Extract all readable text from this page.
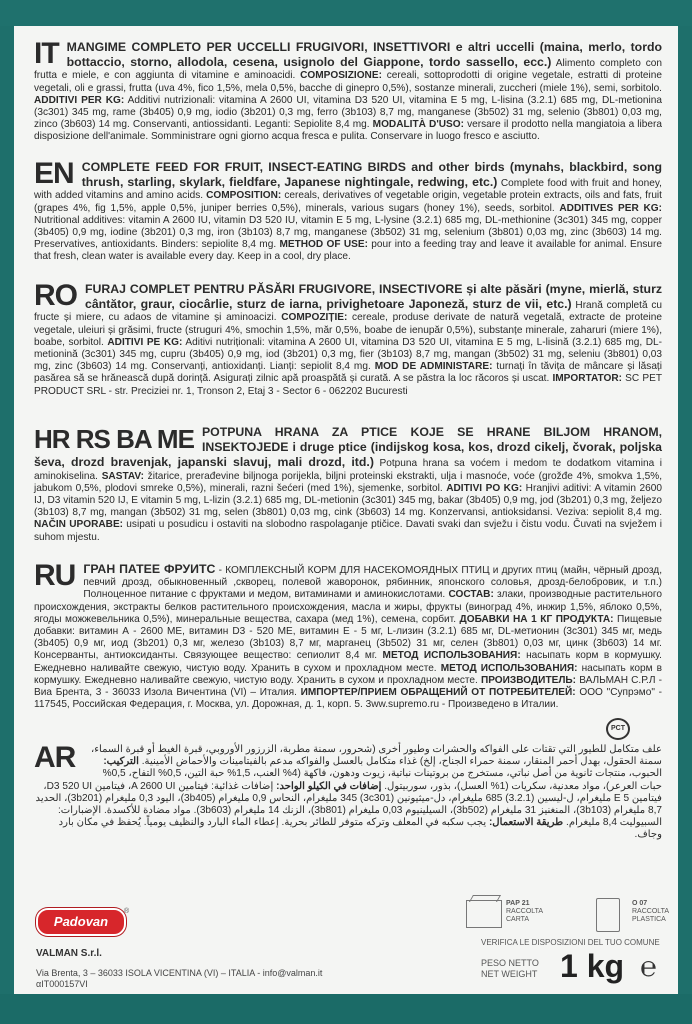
IT MANGIME COMPLETO PER UCCELLI FRUGIVORI, INSETTIVORI e altri uccelli (maina, merlo, tordo bottaccio, storno, allodola, cesena, usignolo del Giappone, tordo sassello, ecc.) Alimento completo con frutta e miele, e con aggiunta di vitamine e aminoacidi. COMPOSIZIONE: cereali, sottoprodotti di origine vegetale, estratti di proteine vegetali, oli e grassi, frutta (uva 4%, fico 1,5%, mela 0,5%, bacche di ginepro 0,5%), sostanze minerali, zuccheri (miele 1%), semi, sorbitolo. ADDITIVI PER KG: Additivi nutrizionali: vitamina A 2600 UI, vitamina D3 520 UI, vitamina E 5 mg, L-lisina (3.2.1) 685 mg, DL-metionina (3c301) 345 mg, rame (3b405) 0,9 mg, iodio (3b201) 0,3 mg, ferro (3b103) 8,7 mg, manganese (3b502) 31 mg, selenio (3b801) 0,03 mg, zinco (3b603) 14 mg. Conservanti, antiossidanti. Leganti: Sepiolite 8,4 mg. MODALITÀ D'USO: versare il prodotto nella mangiatoia a libera disposizione dell'animale. Somministrare ogni giorno acqua fresca e pulita. Conservare in luogo fresco e asciutto.
EN COMPLETE FEED FOR FRUIT, INSECT-EATING BIRDS and other birds (mynahs, blackbird, song thrush, starling, skylark, fieldfare, Japanese nightingale, redwing, etc.) Complete food with fruit and honey, with added vitamins and amino acids. COMPOSITION: cereals, derivatives of vegetable origin, vegetable protein extracts, oils and fats, fruit (grapes 4%, fig 1,5%, apple 0,5%, juniper berries 0,5%), minerals, various sugars (honey 1%), seeds, sorbitol. ADDITIVES PER KG: Nutritional additives: vitamin A 2600 IU, vitamin D3 520 IU, vitamin E 5 mg, L-lysine (3.2.1) 685 mg, DL-methionine (3c301) 345 mg, copper (3b405) 0,9 mg, iodine (3b201) 0,3 mg, iron (3b103) 8,7 mg, manganese (3b502) 31 mg, selenium (3b801) 0,03 mg, zinc (3b603) 14 mg. Preservatives, antioxidants. Binders: sepiolite 8,4 mg. METHOD OF USE: pour into a feeding tray and leave it available for animal. Ensure that fresh, clean water is available every day. Keep in a cool, dry place.
RO FURAJ COMPLET PENTRU PĂSĂRI FRUGIVORE, INSECTIVORE și alte păsări (myne, mierlă, sturz cântător, graur, ciocârlie, sturz de iarna, privighetoare Japoneză, sturz de vii, etc.) Hrană completă cu fructe și miere, cu adaos de vitamine și aminoacizi. COMPOZIȚIE: cereale, produse derivate de natură vegetală, extracte de proteine vegetale, uleiuri și grăsimi, fructe (struguri 4%, smochin 1,5%, măr 0,5%, boabe de ienupăr 0,5%), substanțe minerale, zaharuri (miere 1%), boabe, sorbitol. ADITIVI PE KG: Aditivi nutriționali: vitamina A 2600 UI, vitamina D3 520 UI, vitamina E 5 mg, L-lisină (3.2.1) 685 mg, DL-metionină (3c301) 345 mg, cupru (3b405) 0,9 mg, iod (3b201) 0,3 mg, fier (3b103) 8,7 mg, mangan (3b502) 31 mg, seleniu (3b801) 0,03 mg, zinc (3b603) 14 mg. Conservanți, antioxidanți. Lianți: sepiolit 8,4 mg. MOD DE ADMINISTARE: turnați în tăvița de mâncare și lăsați pasărea să se hrănească după dorință. Asigurați zilnic apă proaspătă și curată. A se păstra la loc răcoros și uscat. IMPORTATOR: SC PET PRODUCT SRL - str. Preciziei nr. 1, Tronson 2, Etaj 3 - Sector 6 - 062202 Bucuresti
HR RS BA ME POTPUNA HRANA ZA PTICE KOJE SE HRANE BILJOM HRANOM, INSEKTOJEDE i druge ptice (indijskog kosa, kos, drozd cikelj, čvorak, poljska ševa, drozd bravenjak, japanski slavuj, mali drozd, itd.) Potpuna hrana sa voćem i medom te dodatkom vitamina i aminokiselina. SASTAV: žitarice, prerađevine biljnoga porijekla, biljni proteinski ekstrakti, ulja i masnoće, voće (grožđe 4%, smokva 1,5%, jabukom 0,5%, plodovi smreke 0,5%), minerali, razni šećeri (med 1%), sjemenke, sorbitol. ADITIVI PO KG: Hranjivi aditivi: A vitamin 2600 IJ, D3 vitamin 520 IJ, E vitamin 5 mg, L-lizin (3.2.1) 685 mg, DL-metionin (3c301) 345 mg, bakar (3b405) 0,9 mg, jod (3b201) 0,3 mg, željezo (3b103) 8,7 mg, mangan (3b502) 31 mg, selen (3b801) 0,03 mg, cink (3b603) 14 mg. Konzervansi, antioksidansi. Veziva: sepiolit 8,4 mg. NAČIN UPORABE: usipati u posudicu i ostaviti na slobodno raspolaganje ptičice. Davati svaki dan svježu i čistu vodu. Čuvati na svježem i suhom mjestu.
RU ГРАН ПАТЕЕ ФРУИТС - КОМПЛЕКСНЫЙ КОРМ ДЛЯ НАСЕКОМОЯДНЫХ ПТИЦ и других птиц (майн, чёрный дрозд, певчий дрозд, обыкновенный ,скворец, полевой жаворонок, рябинник, японского соловья, дрозд-белобровик, и т.п.) Полноценное питание с фруктами и медом, витаминами и аминокислотами. СОСТАВ: злаки, производные растительного происхождения, экстракты белков растительного происхождения, масла и жиры, фрукты (виноград 4%, инжир 1,5%, яблоко 0,5%, ягоды можжевельника 0,5%), минеральные вещества, сахара (мед 1%), семена, сорбит. ДОБАВКИ НА 1 КГ ПРОДУКТА: Пищевые добавки: витамин А - 2600 МЕ, витамин D3 - 520 МЕ, витамин Е - 5 мг, L-лизин (3.2.1) 685 мг, DL-метионин (3c301) 345 мг, медь (3b405) 0,9 мг, иод (3b201) 0,3 мг, железо (3b103) 8,7 мг, марганец (3b502) 31 мг, селен (3b801) 0,03 мг, цинк (3b603) 14 мг. Консерванты, антиоксиданты. Связующее вещество: сепиолит 8,4 мг. МЕТОД ИСПОЛЬЗОВАНИЯ: насыпать корм в кормушку. Ежедневно наливайте свежую, чистую воду. Хранить в сухом и прохладном месте. МЕТОД ИСПОЛЬЗОВАНИЯ: насыпать корм в кормушку. Ежедневно наливайте свежую, чистую воду. Хранить в сухом и прохладном месте. ПРОИЗВОДИТЕЛЬ: ВАЛЬМАН С.Р.Л - Виа Брента, 3 - 36033 Изола Вичентина (VI) – Италия. ИМПОРТЕР/ПРИЕМ ОБРАЩЕНИЙ ОТ ПОТРЕБИТЕЛЕЙ: ООО "Супрэмо" - 117545, Российская Федерация, г. Москва, ул. Дорожная, д. 1, корп. 5. 3ww.supremo.ru - Произведено в Италии.
PCT
AR علف متكامل للطيور التي تقتات على الفواكه والحشرات وطيور أخرى (شحرور، سمنة مطربة، الزرزور الأوروبي، قبرة الغيط أو قبرة السماء، سمنة الحقول، بهدل أحمر المنقار، سمنة حمراء الجناح، إلخ) غذاء متكامل بالعسل والفواكه مدعم بالفيتامينات والأحماض الأمينية. التركيب: الحبوب، منتجات ثانوية من أصل نباتي، مستخرج من بروتينات نباتية، زيوت ودهون، فاكهة (4% العنب، 1,5% حبة التين، 0,5% التفاح، 0,5% حبات العرعر)، مواد معدنية، سكريات (1% العسل)، بذور، سوربيتول. إضافات في الكيلو الواحد: إضافات غذائية: فيتامين A 2600 UI، فيتامين D3 520 UI، فيتامين E 5 مليغرام، ل-ليسين (3.2.1) 685 مليغرام، دل-ميثيونين (3c301) 345 مليغرام، النحاس 0,9 مليغرام (3b405)، اليود 0,3 مليغرام (3b201)، الحديد 8,7 مليغرام (3b103)، المنغنيز 31 مليغرام (3b502)، السيلينيوم 0,03 مليغرام (3b801)، الزنك 14 مليغرام (3b603). مواد مضادة للأكسدة. الإضبارات: السبيوليت 8,4 مليغرام. طريقة الاستعمال: يجب سكبه في المعلف وتركه متوفر للطائر بحرية. إعطاء الماء البارد والنظيف يومياً. يُحفظ في مكان بارد وجاف.
Padovan
®
VALMAN S.r.l.
Via Brenta, 3 – 36033 ISOLA VICENTINA (VI) – ITALIA - info@valman.it
αIT000157VI
PAP 21
RACCOLTA
CARTA
O 07
RACCOLTA
PLASTICA
VERIFICA LE DISPOSIZIONI DEL TUO COMUNE
PESO NETTO
NET WEIGHT 1 kg ℮
